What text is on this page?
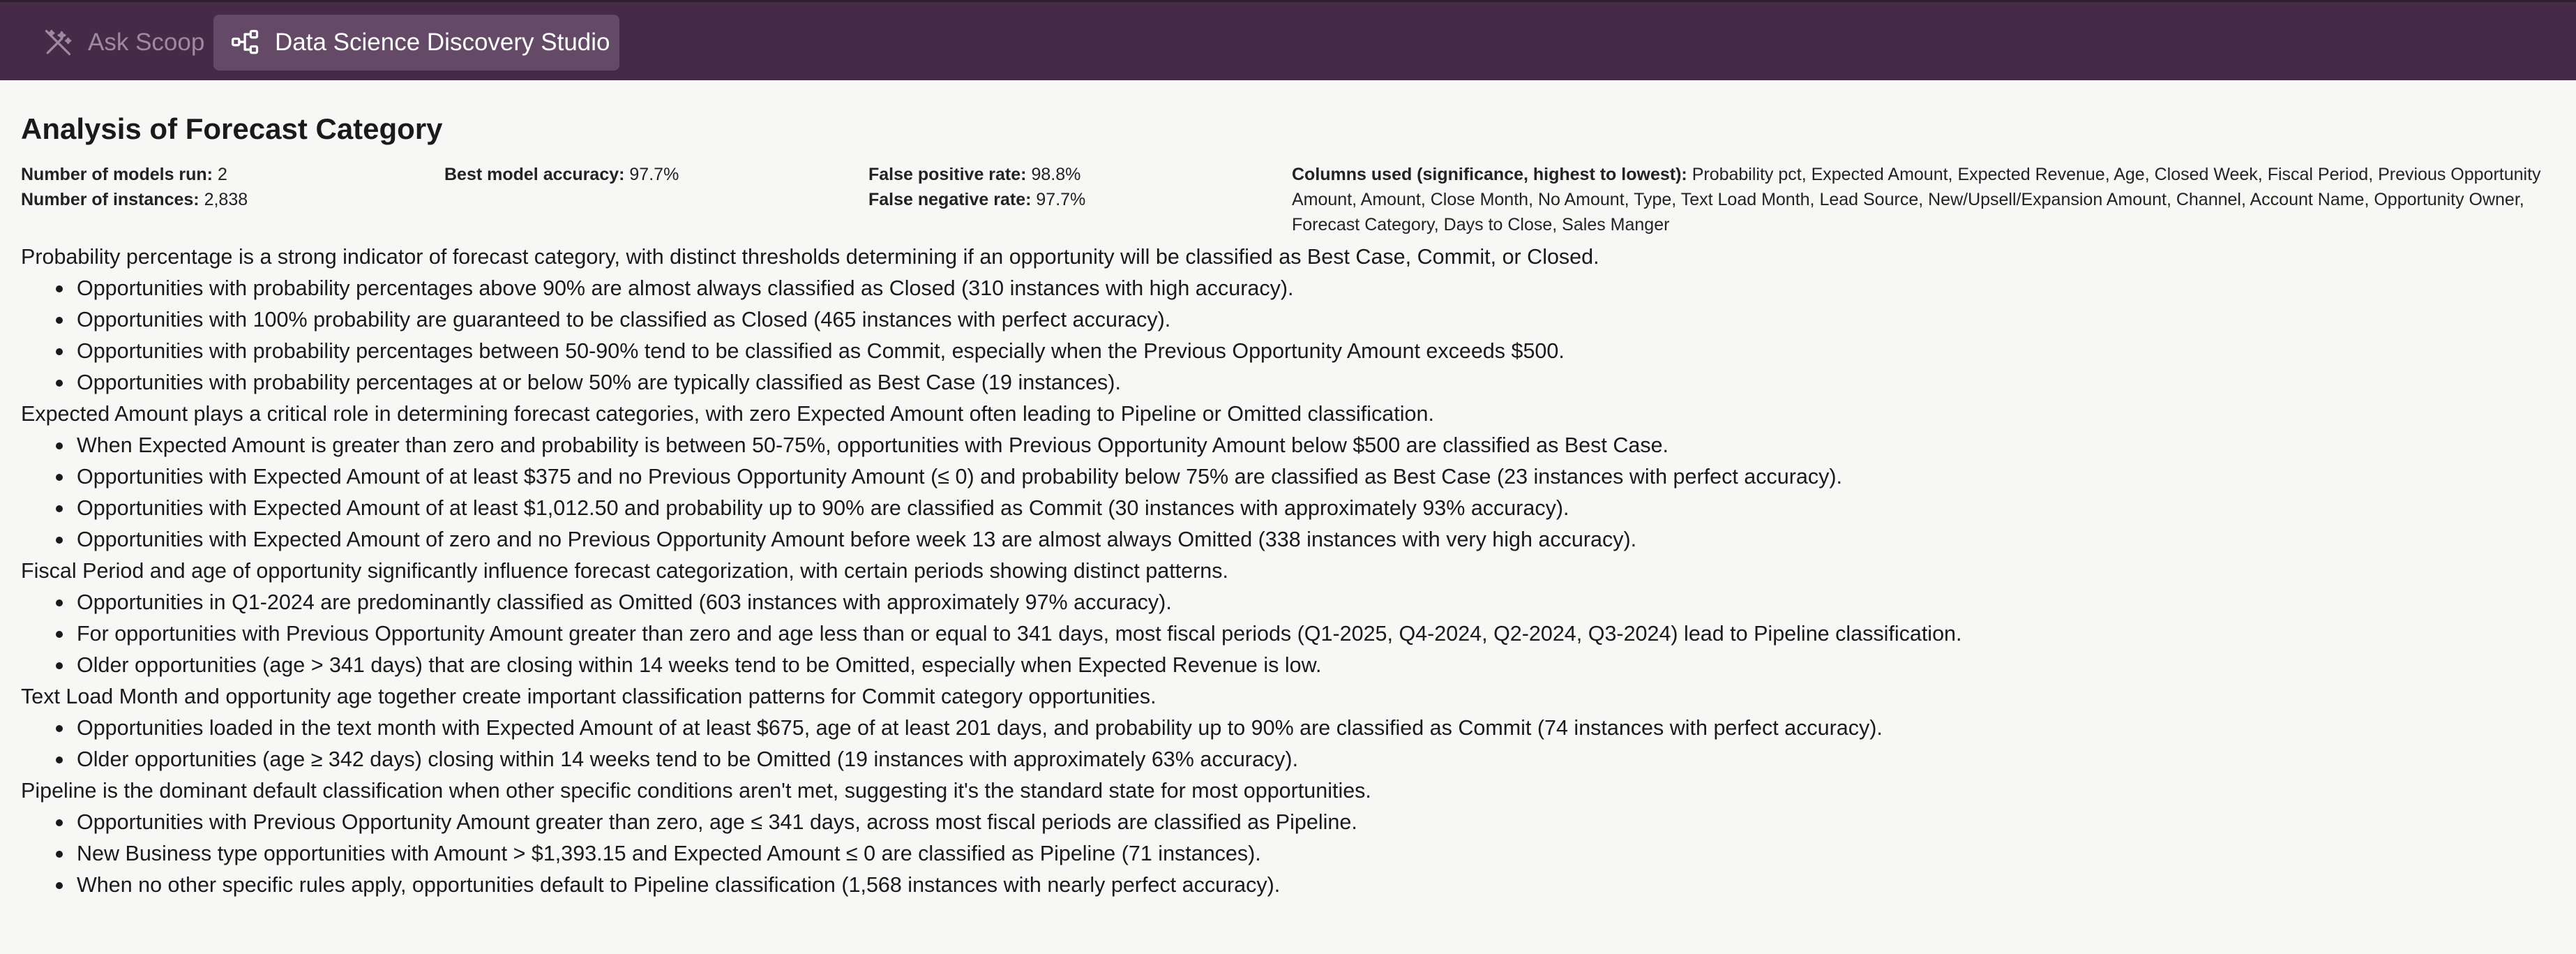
Ask Scoop	Data Science Discovery Studio
Analysis of Forecast Category
Number of models run: 2
Number of instances: 2,838
Best model accuracy: 97.7%	False positive rate: 98.8%
False negative rate: 97.7%
Columns used (significance, highest to lowest): Probability pct, Expected Amount, Expected Revenue, Age, Closed Week, Fiscal Period, Previous Opportunity Amount, Amount, Close Month, No Amount, Type, Text Load Month, Lead Source, New/Upsell/Expansion Amount, Channel, Account Name, Opportunity Owner, Forecast Category, Days to Close, Sales Manger

Probability percentage is a strong indicator of forecast category, with distinct thresholds determining if an opportunity will be classified as Best Case, Commit, or Closed.

Opportunities with probability percentages above 90% are almost always classified as Closed (310 instances with high accuracy).
Opportunities with 100% probability are guaranteed to be classified as Closed (465 instances with perfect accuracy).
Opportunities with probability percentages between 50-90% tend to be classified as Commit, especially when the Previous Opportunity Amount exceeds $500.
Opportunities with probability percentages at or below 50% are typically classified as Best Case (19 instances).

Expected Amount plays a critical role in determining forecast categories, with zero Expected Amount often leading to Pipeline or Omitted classification.

When Expected Amount is greater than zero and probability is between 50-75%, opportunities with Previous Opportunity Amount below $500 are classified as Best Case.
Opportunities with Expected Amount of at least $375 and no Previous Opportunity Amount (≤ 0) and probability below 75% are classified as Best Case (23 instances with perfect accuracy).
Opportunities with Expected Amount of at least $1,012.50 and probability up to 90% are classified as Commit (30 instances with approximately 93% accuracy).
Opportunities with Expected Amount of zero and no Previous Opportunity Amount before week 13 are almost always Omitted (338 instances with very high accuracy).

Fiscal Period and age of opportunity significantly influence forecast categorization, with certain periods showing distinct patterns.

Opportunities in Q1-2024 are predominantly classified as Omitted (603 instances with approximately 97% accuracy).
For opportunities with Previous Opportunity Amount greater than zero and age less than or equal to 341 days, most fiscal periods (Q1-2025, Q4-2024, Q2-2024, Q3-2024) lead to Pipeline classification.
Older opportunities (age > 341 days) that are closing within 14 weeks tend to be Omitted, especially when Expected Revenue is low.

Text Load Month and opportunity age together create important classification patterns for Commit category opportunities.

Opportunities loaded in the text month with Expected Amount of at least $675, age of at least 201 days, and probability up to 90% are classified as Commit (74 instances with perfect accuracy).
Older opportunities (age ≥ 342 days) closing within 14 weeks tend to be Omitted (19 instances with approximately 63% accuracy).

Pipeline is the dominant default classification when other specific conditions aren't met, suggesting it's the standard state for most opportunities.

Opportunities with Previous Opportunity Amount greater than zero, age ≤ 341 days, across most fiscal periods are classified as Pipeline.
New Business type opportunities with Amount > $1,393.15 and Expected Amount ≤ 0 are classified as Pipeline (71 instances).
When no other specific rules apply, opportunities default to Pipeline classification (1,568 instances with nearly perfect accuracy).
